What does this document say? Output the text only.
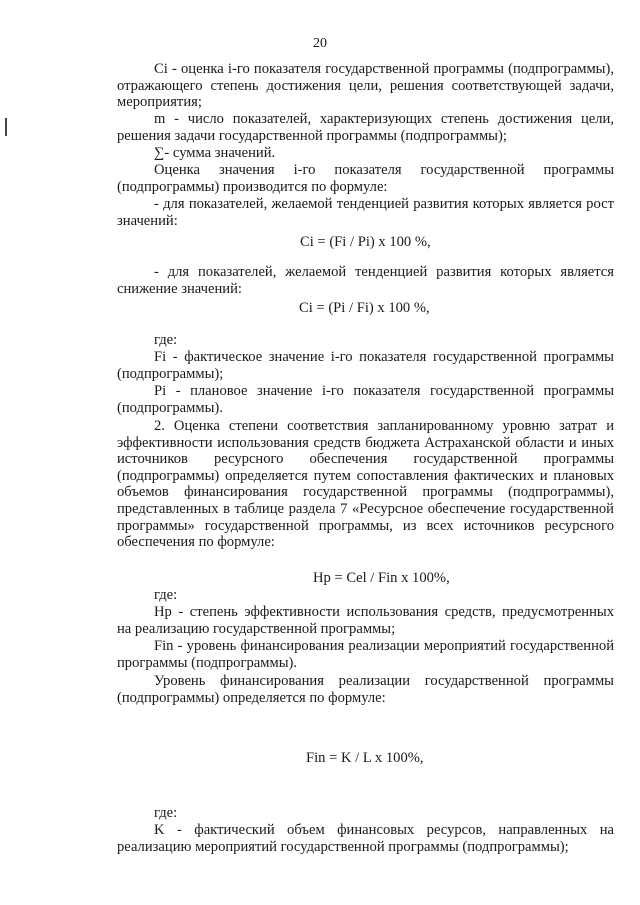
20

Ci - оценка i-го показателя государственной программы (подпрограммы), отражающего степень достижения цели, решения соответствующей задачи, мероприятия;

m - число показателей, характеризующих степень достижения цели, решения задачи государственной программы (подпрограммы);

∑- сумма значений.

Оценка значения i-го показателя государственной программы (подпрограммы) производится по формуле:

- для показателей, желаемой тенденцией развития которых является рост значений:

Ci = (Fi / Pi) x 100 %,

- для показателей, желаемой тенденцией развития которых является снижение значений:

Ci = (Pi / Fi) x 100 %,

где:

Fi - фактическое значение i-го показателя государственной программы (подпрограммы);

Pi - плановое значение i-го показателя государственной программы (подпрограммы).

2. Оценка степени соответствия запланированному уровню затрат и эффективности использования средств бюджета Астраханской области и иных источников ресурсного обеспечения государственной программы (подпрограммы) определяется путем сопоставления фактических и плановых объемов финансирования государственной программы (подпрограммы), представленных в таблице раздела 7 «Ресурсное обеспечение государственной программы» государственной программы, из всех источников ресурсного обеспечения по формуле:

Hp = Cel / Fin x 100%,

где:

Hp - степень эффективности использования средств, предусмотренных на реализацию государственной программы;

Fin - уровень финансирования реализации мероприятий государственной программы (подпрограммы).

Уровень финансирования реализации государственной программы (подпрограммы) определяется по формуле:

Fin = K / L x 100%,

где:

K - фактический объем финансовых ресурсов, направленных на реализацию мероприятий государственной программы (подпрограммы);
